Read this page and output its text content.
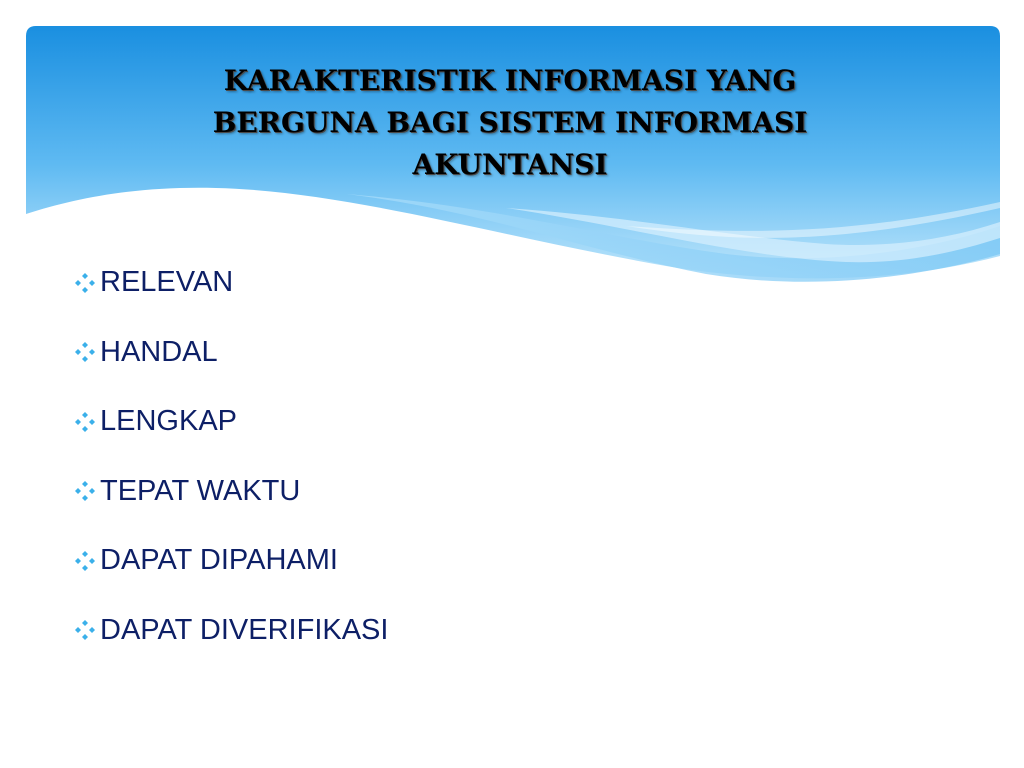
KARAKTERISTIK INFORMASI YANG
BERGUNA BAGI SISTEM INFORMASI
AKUNTANSI
RELEVAN
HANDAL
LENGKAP
TEPAT WAKTU
DAPAT DIPAHAMI
DAPAT DIVERIFIKASI
